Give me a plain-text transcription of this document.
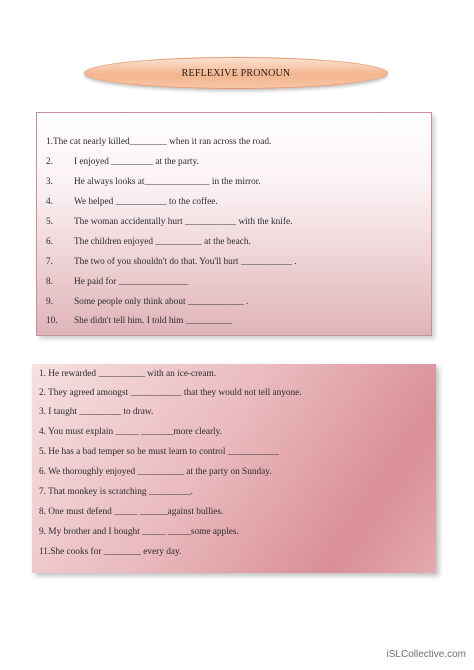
REFLEXIVE PRONOUN
1.The cat nearly killed________ when it ran across the road.
2. I enjoyed _________ at the party.
3. He always looks at______________ in the mirror.
4. We helped ___________ to the coffee.
5. The woman accidentally hurt ___________ with the knife.
6. The children enjoyed __________ at the beach.
7. The two of you shouldn't do that. You'll hurt ___________ .
8. He paid for _______________
9. Some people only think about ____________ .
10. She didn't tell him. I told him __________
1. He rewarded __________ with an ice-cream.
2. They agreed amongst ___________ that they would not tell anyone.
3. I taught _________ to draw.
4. You must explain _____ _______more clearly.
5. He has a bad temper so he must learn to control ___________
6. We thoroughly enjoyed __________ at the party on Sunday.
7. That monkey is scratching _________.
8. One must defend _____ ______against bullies.
9. My brother and I bought _____ _____some apples.
11.She cooks for ________ every day.
iSLCollective.com
